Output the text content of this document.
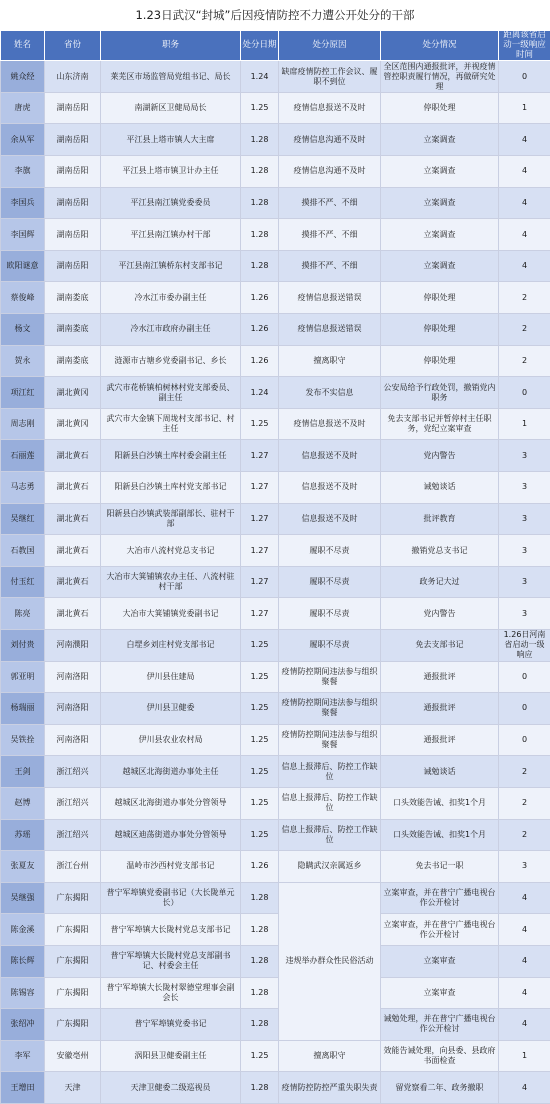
1.23日武汉“封城”后因疫情防控不力遭公开处分的干部
姓名	省份	职务	处分日期	处分原因	处分情况	距离该省启动一级响应时间
姚众经	山东济南	莱芜区市场监管局党组书记、局长	1.24	缺席疫情防控工作会议、履职不到位	全区范围内通报批评，并视疫情管控职责履行情况，再做研究处理	0
唐虎	湖南岳阳	南湖新区卫健局局长	1.25	疫情信息报送不及时	停职处理	1
余从军	湖南岳阳	平江县上塔市镇人大主席	1.28	疫情信息沟通不及时	立案调查	4
李旗	湖南岳阳	平江县上塔市镇卫计办主任	1.28	疫情信息沟通不及时	立案调查	4
李国兵	湖南岳阳	平江县南江镇党委委员	1.28	摸排不严、不细	立案调查	4
李国辉	湖南岳阳	平江县南江镇办村干部	1.28	摸排不严、不细	立案调查	4
欧阳谜意	湖南岳阳	平江县南江镇桥东村支部书记	1.28	摸排不严、不细	立案调查	4
蔡俊峰	湖南娄底	冷水江市委办副主任	1.26	疫情信息报送错误	停职处理	2
杨文	湖南娄底	冷水江市政府办副主任	1.26	疫情信息报送错误	停职处理	2
贺永	湖南娄底	涟源市古塘乡党委副书记、乡长	1.26	擅离职守	停职处理	2
项江红	湖北黄冈	武穴市花桥镇柏树林村党支部委员、副主任	1.24	发布不实信息	公安局给予行政处罚，撤销党内职务	0
周志刚	湖北黄冈	武穴市大金镇下周垅村支部书记、村主任	1.25	疫情信息报送不及时	免去支部书记并暂停村主任职务，党纪立案审查	1
石丽莲	湖北黄石	阳新县白沙镇土库村委会副主任	1.27	信息报送不及时	党内警告	3
马志勇	湖北黄石	阳新县白沙镇土库村党支部书记	1.27	信息报送不及时	诫勉谈话	3
吴继红	湖北黄石	阳新县白沙镇武装部副部长、驻村干部	1.27	信息报送不及时	批评教育	3
石教国	湖北黄石	大冶市八流村党总支书记	1.27	履职不尽责	撤销党总支书记	3
付玉红	湖北黄石	大冶市大箕铺镇农办主任、八流村驻村干部	1.27	履职不尽责	政务记大过	3
陈亮	湖北黄石	大冶市大箕铺镇党委副书记	1.27	履职不尽责	党内警告	3
刘付贵	河南濮阳	白堽乡刘庄村党支部书记	1.25	履职不尽责	免去支部书记	1.26日河南省启动一级响应
郭亚明	河南洛阳	伊川县住建局	1.25	疫情防控期间违法参与组织聚餐	通报批评	0
杨瑞丽	河南洛阳	伊川县卫健委	1.25	疫情防控期间违法参与组织聚餐	通报批评	0
吴铁拴	河南洛阳	伊川县农业农村局	1.25	疫情防控期间违法参与组织聚餐	通报批评	0
王剑	浙江绍兴	越城区北海街道办事处主任	1.25	信息上报滞后、防控工作缺位	诫勉谈话	2
赵博	浙江绍兴	越城区北海街道办事处分管领导	1.25	信息上报滞后、防控工作缺位	口头效能告诫、扣奖1个月	2
苏瑶	浙江绍兴	越城区迪荡街道办事处分管领导	1.25	信息上报滞后、防控工作缺位	口头效能告诫、扣奖1个月	2
张夏友	浙江台州	温岭市沙西村党支部书记	1.26	隐瞒武汉亲属返乡	免去书记一职	3
吴继强	广东揭阳	普宁军埠镇党委副书记（大长陇单元长）	1.28	违规举办群众性民俗活动	立案审查，并在普宁广播电视台作公开检讨	4
陈金溪	广东揭阳	普宁军埠镇大长陇村党总支部书记	1.28		立案审查，并在普宁广播电视台作公开检讨	4
陈长辉	广东揭阳	普宁军埠镇大长陇村党总支部副书记、村委会主任	1.28		立案审查	4
陈锡容	广东揭阳	普宁军埠镇大长陇村翠德堂理事会副会长	1.28		立案审查	4
张绍冲	广东揭阳	普宁军埠镇党委书记	1.28		诫勉处理，并在普宁广播电视台作公开检讨	4
李军	安徽亳州	涡阳县卫健委副主任	1.25	擅离职守	效能告诫处理，向县委、县政府书面检查	1
王增田	天津	天津卫健委二级巡视员	1.28	疫情防控防控严重失职失责	留党察看二年、政务撤职	4
